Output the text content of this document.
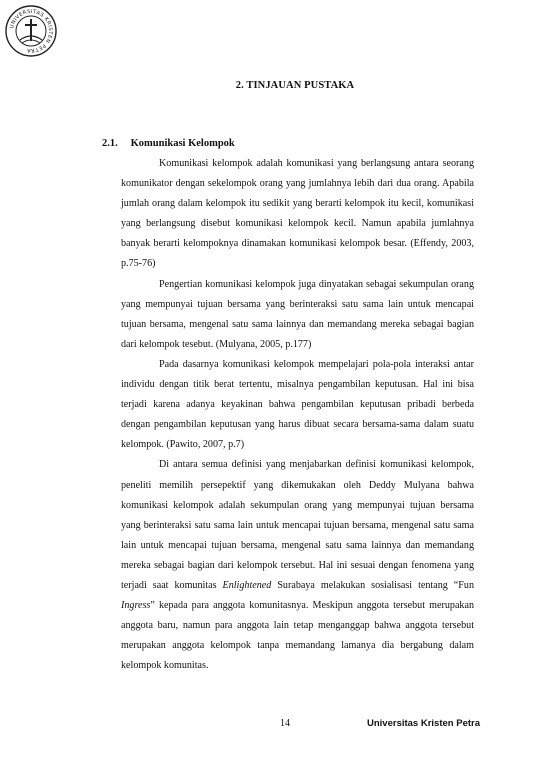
UNIVERSITAS KRISTEN PETRA
2. TINJAUAN PUSTAKA
2.1. Komunikasi Kelompok

Komunikasi kelompok adalah komunikasi yang berlangsung antara seorang komunikator dengan sekelompok orang yang jumlahnya lebih dari dua orang. Apabila jumlah orang dalam kelompok itu sedikit yang berarti kelompok itu kecil, komunikasi yang berlangsung disebut komunikasi kelompok kecil. Namun apabila jumlahnya banyak berarti kelompoknya dinamakan komunikasi kelompok besar. (Effendy, 2003, p.75-76)

Pengertian komunikasi kelompok juga dinyatakan sebagai sekumpulan orang yang mempunyai tujuan bersama yang berinteraksi satu sama lain untuk mencapai tujuan bersama, mengenal satu sama lainnya dan memandang mereka sebagai bagian dari kelompok tesebut. (Mulyana, 2005, p.177)

Pada dasarnya komunikasi kelompok mempelajari pola-pola interaksi antar individu dengan titik berat tertentu, misalnya pengambilan keputusan. Hal ini bisa terjadi karena adanya keyakinan bahwa pengambilan keputusan pribadi berbeda dengan pengambilan keputusan yang harus dibuat secara bersama-sama dalam suatu kelompok. (Pawito, 2007, p.7)

Di antara semua definisi yang menjabarkan definisi komunikasi kelompok, peneliti memilih persepektif yang dikemukakan oleh Deddy Mulyana bahwa komunikasi kelompok adalah sekumpulan orang yang mempunyai tujuan bersama yang berinteraksi satu sama lain untuk mencapai tujuan bersama, mengenal satu sama lain untuk mencapai tujuan bersama, mengenal satu sama lainnya dan memandang mereka sebagai bagian dari kelompok tersebut. Hal ini sesuai dengan fenomena yang terjadi saat komunitas Enlightened Surabaya melakukan sosialisasi tentang “Fun Ingress” kepada para anggota komunitasnya. Meskipun anggota tersebut merupakan anggota baru, namun para anggota lain tetap menganggap bahwa anggota tersebut merupakan anggota kelompok tanpa memandang lamanya dia bergabung dalam kelompok komunitas.

14	Universitas Kristen Petra
